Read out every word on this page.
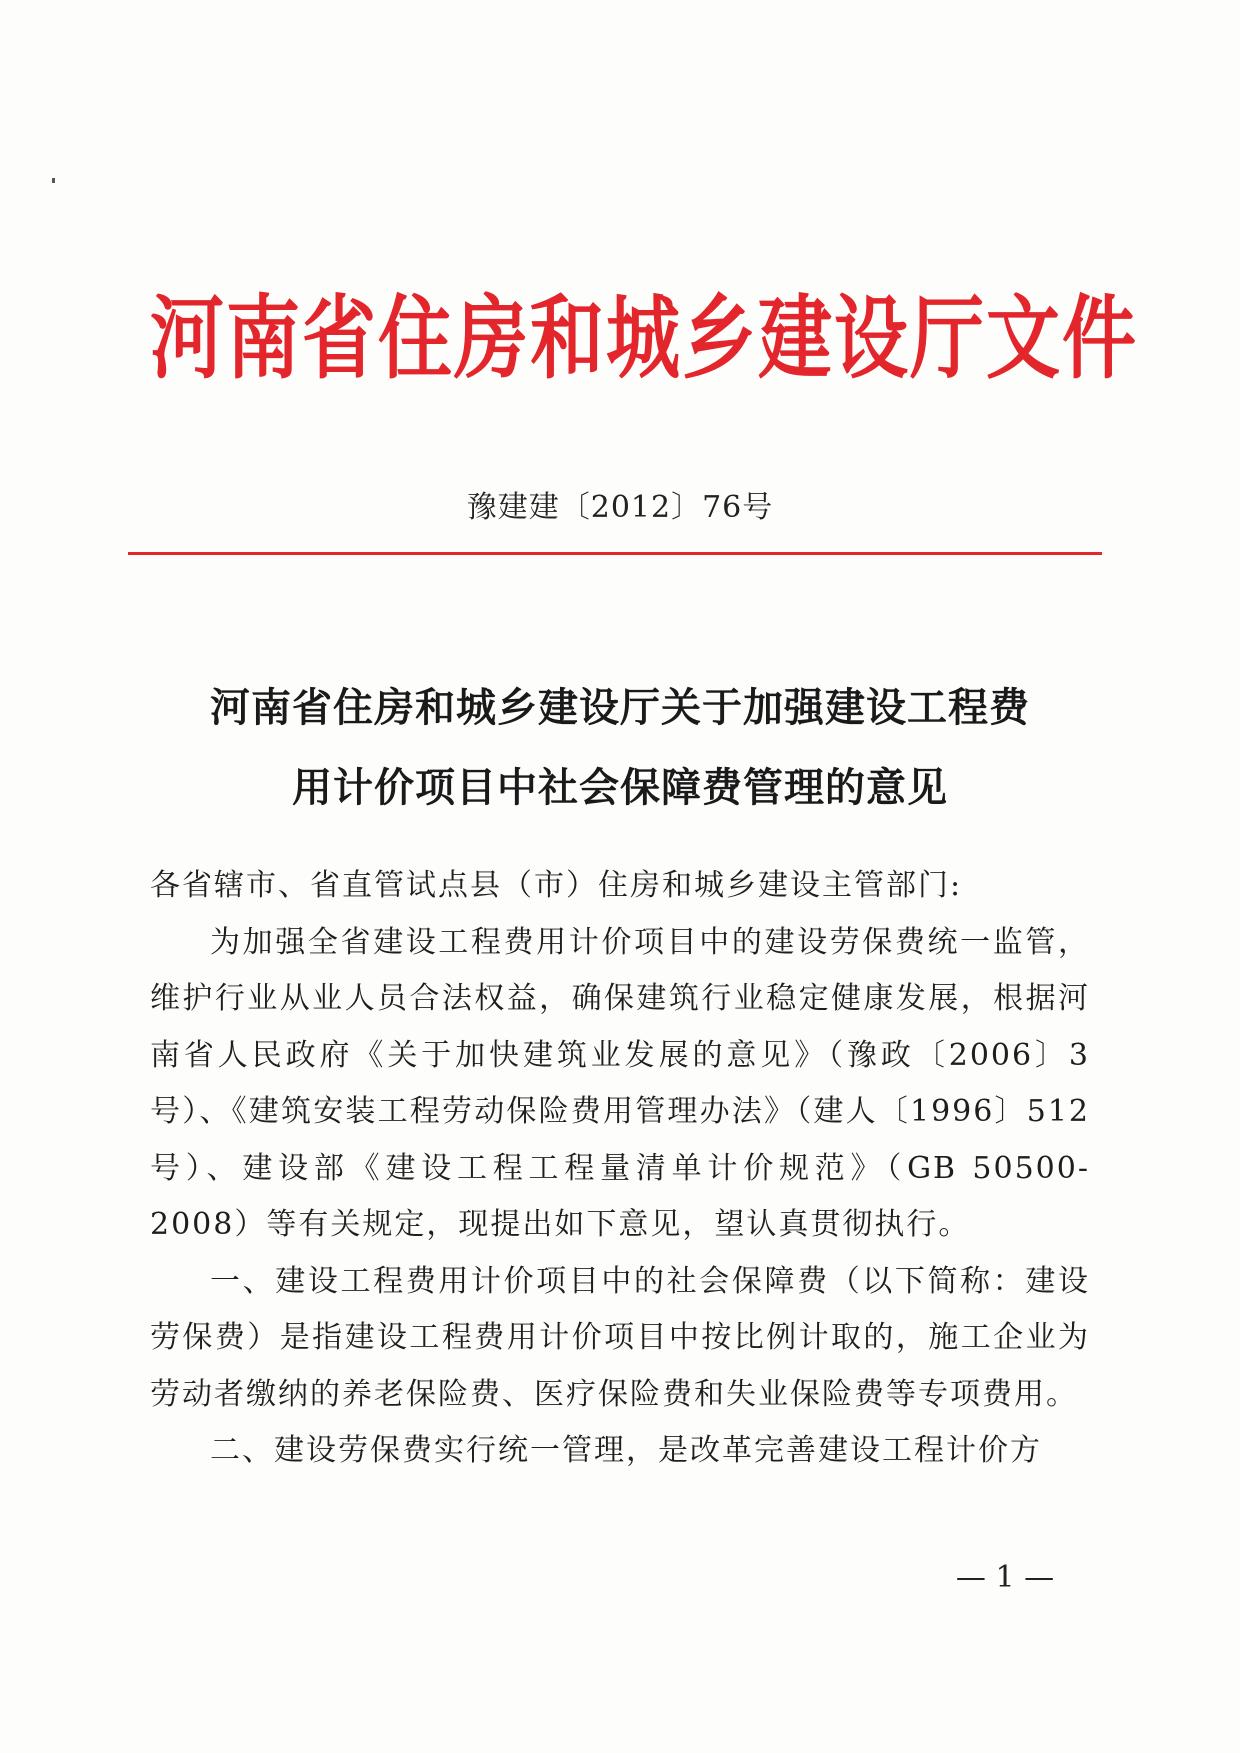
河南省住房和城乡建设厅文件
豫建建〔2012〕76号
河南省住房和城乡建设厅关于加强建设工程费
用计价项目中社会保障费管理的意见

各省辖市、省直管试点县（市）住房和城乡建设主管部门:

为加强全省建设工程费用计价项目中的建设劳保费统一监管，维护行业从业人员合法权益，确保建筑行业稳定健康发展，根据河南省人民政府《关于加快建筑业发展的意见》（豫政〔2006〕3号）、《建筑安装工程劳动保险费用管理办法》（建人〔1996〕512号）、建设部《建设工程工程量清单计价规范》（GB 50500-2008）等有关规定，现提出如下意见，望认真贯彻执行。

一、建设工程费用计价项目中的社会保障费（以下简称：建设劳保费）是指建设工程费用计价项目中按比例计取的，施工企业为劳动者缴纳的养老保险费、医疗保险费和失业保险费等专项费用。

二、建设劳保费实行统一管理，是改革完善建设工程计价方

— 1 —
